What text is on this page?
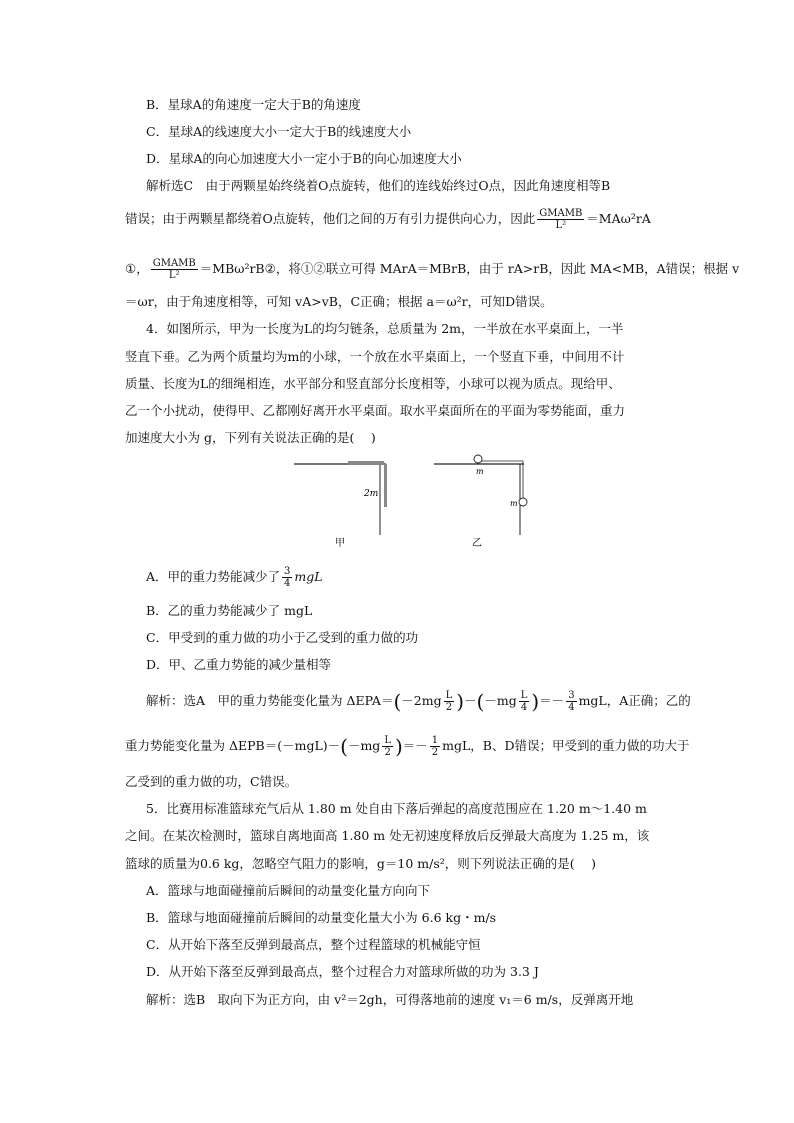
B．星球A的角速度一定大于B的角速度
C．星球A的线速度大小一定大于B的线速度大小
D．星球A的向心加速度大小一定小于B的向心加速度大小
解析选C　由于两颗星始终绕着O点旋转，他们的连线始终过O点，因此角速度相等B
错误；由于两颗星都绕着O点旋转，他们之间的万有引力提供向心力，因此 $\frac{\text{GMAMB}}{\text{L²}} =MA\omega^2rA$
①， $\frac{\text{GMAMB}}{\text{L²}}$ ＝MBω²rB②，将①②联立可得 MArA＝MBrB，由于 rA>rB，因此 MA<MB，A错误；根据 v
＝ωr，由于角速度相等，可知 vA>vB，C正确；根据 a＝ω²r，可知D错误。
4．如图所示，甲为一长度为L的均匀链条，总质量为 2m，一半放在水平桌面上，一半
竖直下垂。乙为两个质量均为m的小球，一个放在水平桌面上，一个竖直下垂，中间用不计
质量、长度为L的细绳相连，水平部分和竖直部分长度相等，小球可以视为质点。现给甲、
乙一个小扰动，使得甲、乙都刚好离开水平桌面。取水平桌面所在的平面为零势能面，重力
加速度大小为 g，下列有关说法正确的是(　 )
2m
甲
m
m
乙
A．甲的重力势能减少了 $\frac{3}{4}$ mgL
B．乙的重力势能减少了 mgL
C．甲受到的重力做的功小于乙受到的重力做的功
D．甲、乙重力势能的减少量相等
解析：选A　甲的重力势能变化量为 $\Delta EPA=(-2mg \frac{L}{2} )-(-mg \frac{L}{4}$ )＝－ $\frac{3}{4}$ mgL，A正确；乙的
重力势能变化量为 $\Delta EPB=(-mgL)-(-mg \frac{L}{2}$ )＝－ $\frac{1}{2}$ mgL，B、D错误；甲受到的重力做的功大于
乙受到的重力做的功，C错误。
5．比赛用标准篮球充气后从 1.80 m 处自由下落后弹起的高度范围应在 1.20 m～1.40 m
之间。在某次检测时，篮球自离地面高 1.80 m 处无初速度释放后反弹最大高度为 1.25 m，该
篮球的质量为0.6 kg，忽略空气阻力的影响，g＝10 m/s²，则下列说法正确的是(　 )
A．篮球与地面碰撞前后瞬间的动量变化量方向向下
B．篮球与地面碰撞前后瞬间的动量变化量大小为 6.6 kg・m/s
C．从开始下落至反弹到最高点，整个过程篮球的机械能守恒
D．从开始下落至反弹到最高点，整个过程合力对篮球所做的功为 3.3 J
解析：选B　取向下为正方向，由 v²＝2gh，可得落地前的速度 v₁＝6 m/s，反弹离开地
